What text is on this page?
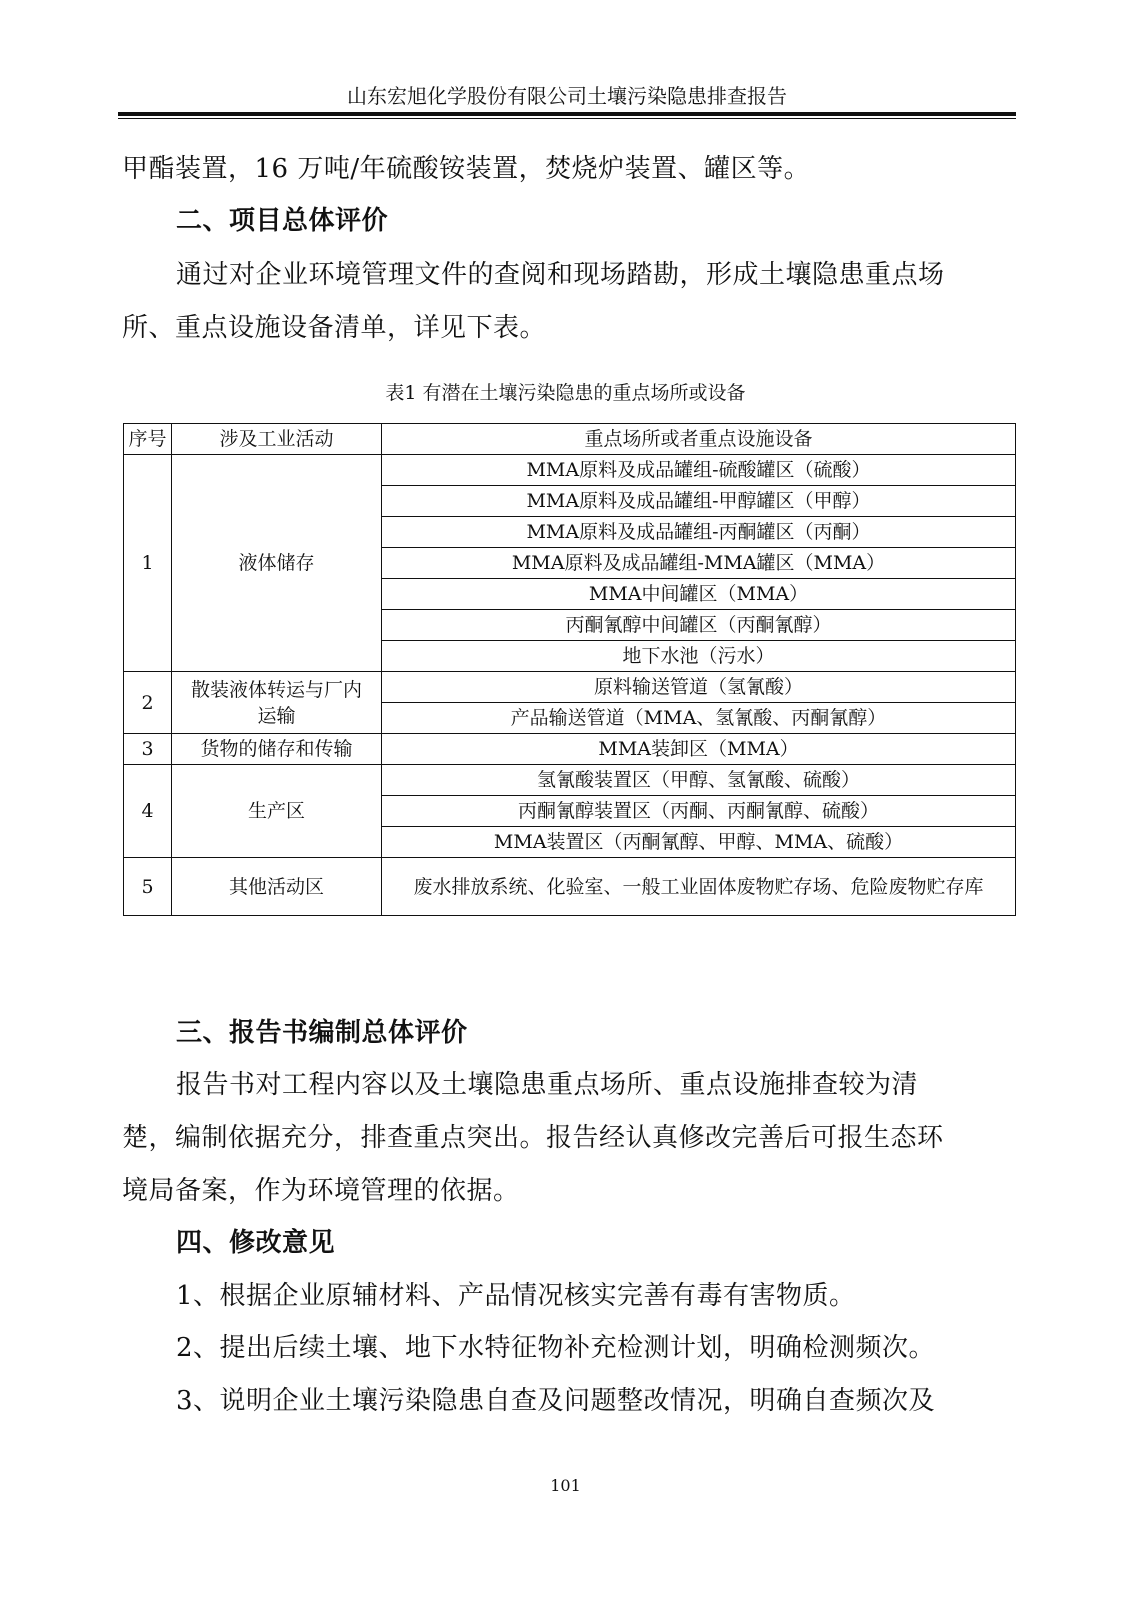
山东宏旭化学股份有限公司土壤污染隐患排查报告
甲酯装置，16 万吨/年硫酸铵装置，焚烧炉装置、罐区等。
二、项目总体评价
通过对企业环境管理文件的查阅和现场踏勘，形成土壤隐患重点场
所、重点设施设备清单，详见下表。
表1 有潜在土壤污染隐患的重点场所或设备
序号	涉及工业活动	重点场所或者重点设施设备
1	液体储存	MMA原料及成品罐组-硫酸罐区（硫酸）
		MMA原料及成品罐组-甲醇罐区（甲醇）
		MMA原料及成品罐组-丙酮罐区（丙酮）
		MMA原料及成品罐组-MMA罐区（MMA）
		MMA中间罐区（MMA）
		丙酮氰醇中间罐区（丙酮氰醇）
		地下水池（污水）
2	散装液体转运与厂内运输	原料输送管道（氢氰酸）
		产品输送管道（MMA、氢氰酸、丙酮氰醇）
3	货物的储存和传输	MMA装卸区（MMA）
4	生产区	氢氰酸装置区（甲醇、氢氰酸、硫酸）
		丙酮氰醇装置区（丙酮、丙酮氰醇、硫酸）
		MMA装置区（丙酮氰醇、甲醇、MMA、硫酸）
5	其他活动区	废水排放系统、化验室、一般工业固体废物贮存场、危险废物贮存库
三、报告书编制总体评价
报告书对工程内容以及土壤隐患重点场所、重点设施排查较为清
楚，编制依据充分，排查重点突出。报告经认真修改完善后可报生态环
境局备案，作为环境管理的依据。
四、修改意见
1、根据企业原辅材料、产品情况核实完善有毒有害物质。
2、提出后续土壤、地下水特征物补充检测计划，明确检测频次。
3、说明企业土壤污染隐患自查及问题整改情况，明确自查频次及
101
